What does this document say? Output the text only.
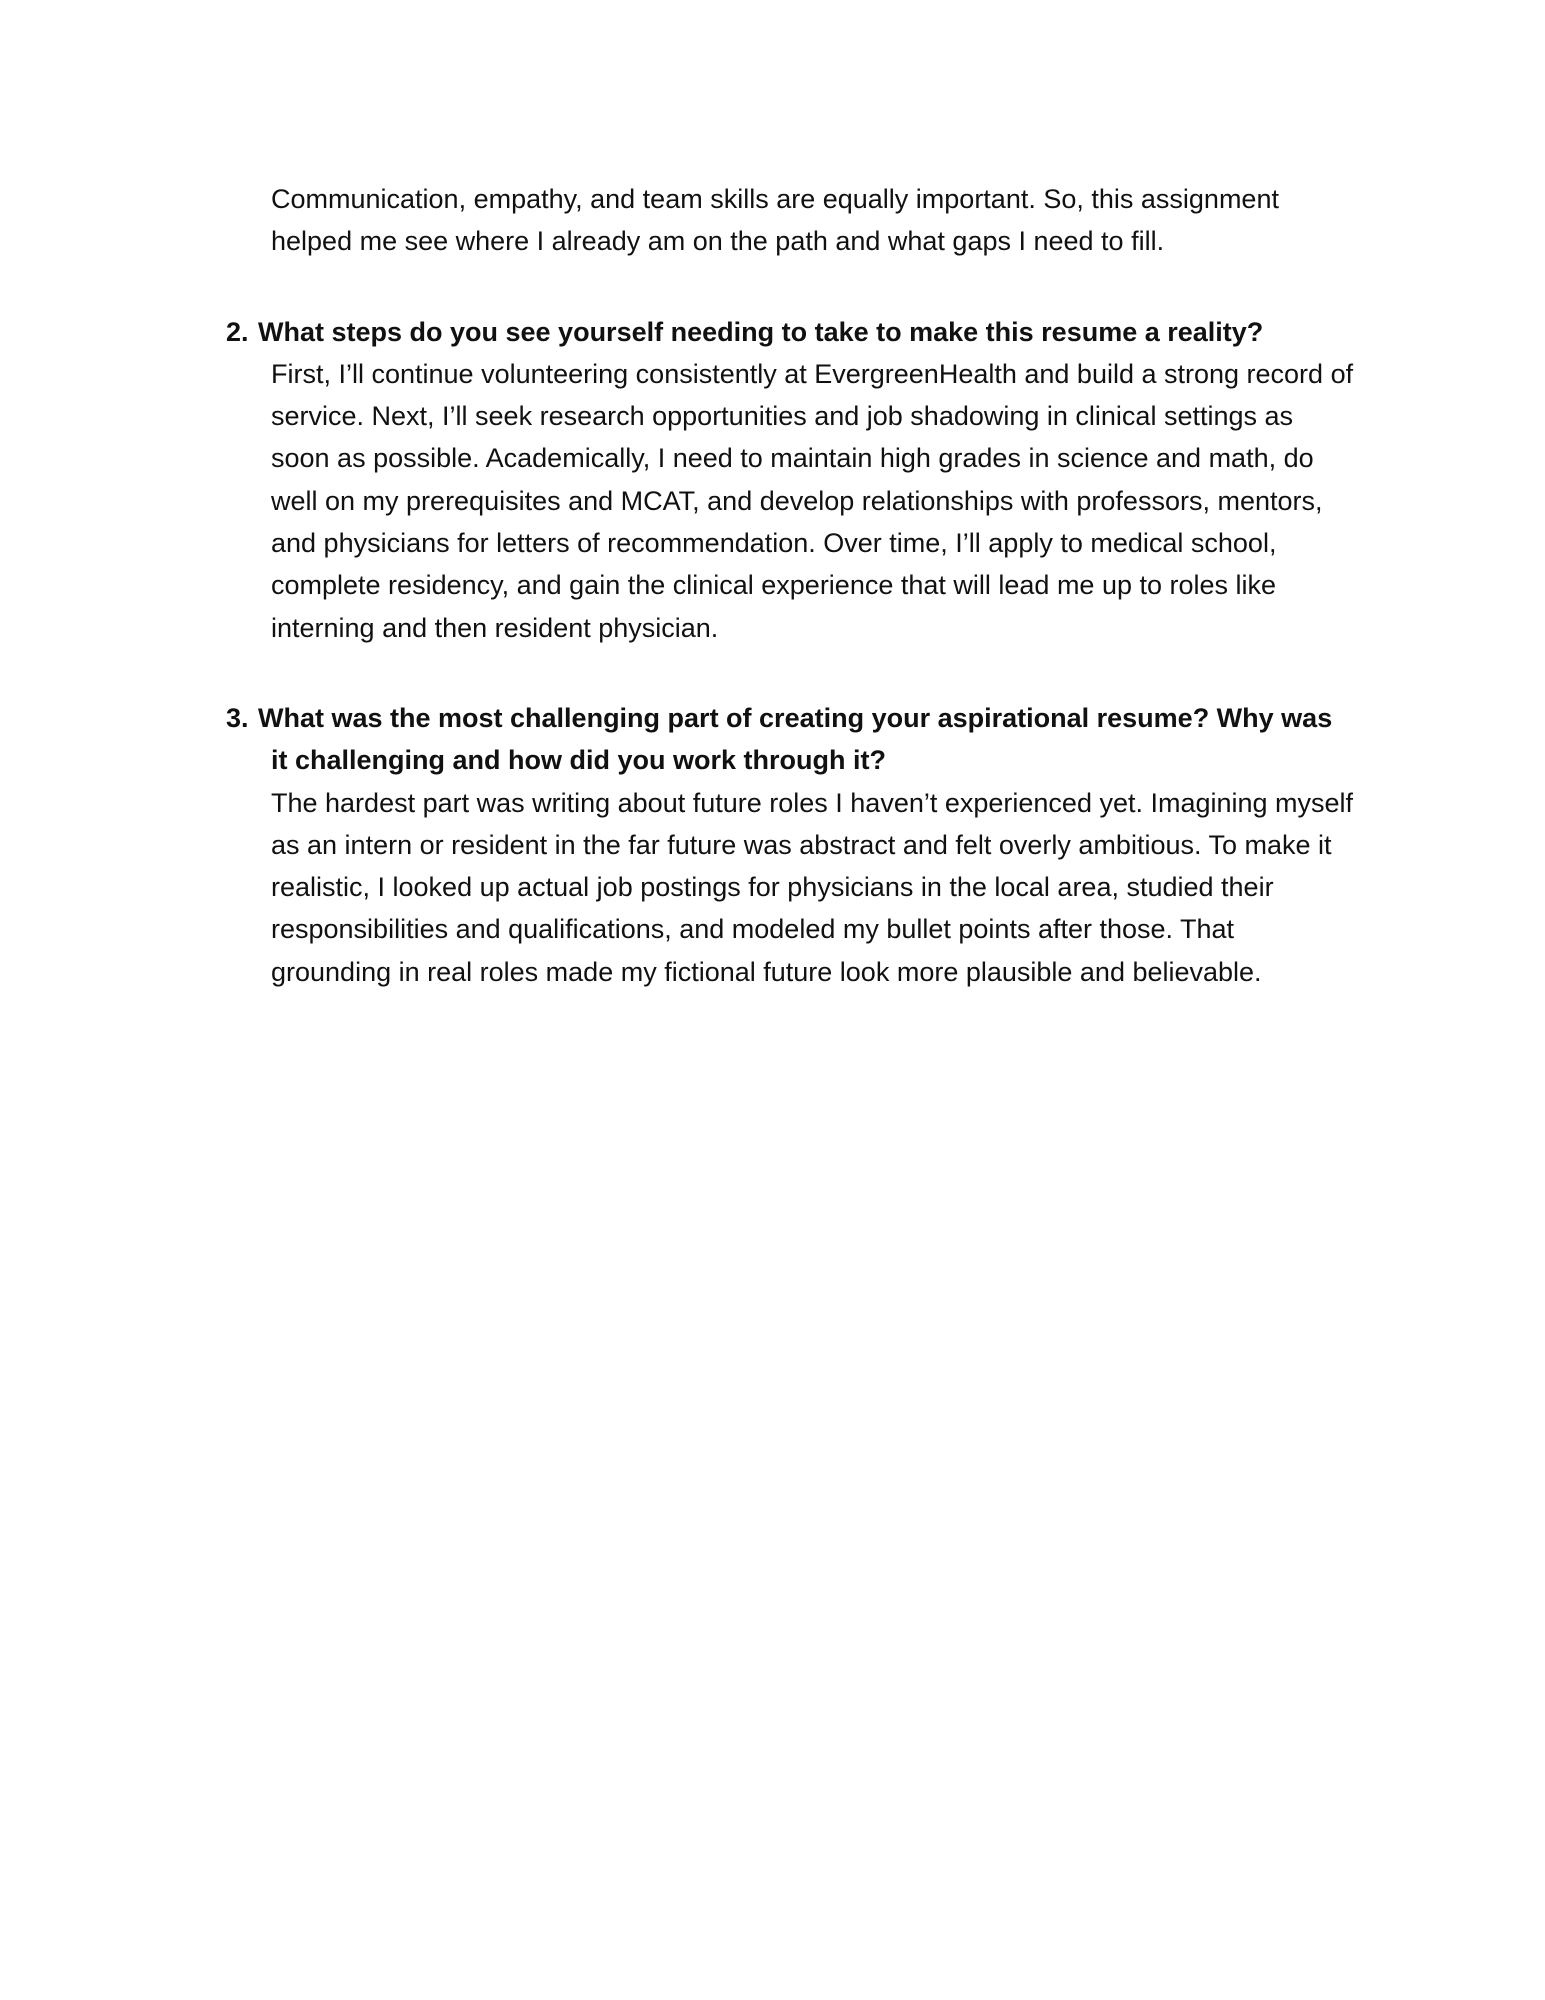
Communication, empathy, and team skills are equally important. So, this assignment helped me see where I already am on the path and what gaps I need to fill.

2. What steps do you see yourself needing to take to make this resume a reality?

First, I’ll continue volunteering consistently at EvergreenHealth and build a strong record of service. Next, I’ll seek research opportunities and job shadowing in clinical settings as soon as possible. Academically, I need to maintain high grades in science and math, do well on my prerequisites and MCAT, and develop relationships with professors, mentors, and physicians for letters of recommendation. Over time, I’ll apply to medical school, complete residency, and gain the clinical experience that will lead me up to roles like interning and then resident physician.

3. What was the most challenging part of creating your aspirational resume? Why was it challenging and how did you work through it?

The hardest part was writing about future roles I haven’t experienced yet. Imagining myself as an intern or resident in the far future was abstract and felt overly ambitious. To make it realistic, I looked up actual job postings for physicians in the local area, studied their responsibilities and qualifications, and modeled my bullet points after those. That grounding in real roles made my fictional future look more plausible and believable.
